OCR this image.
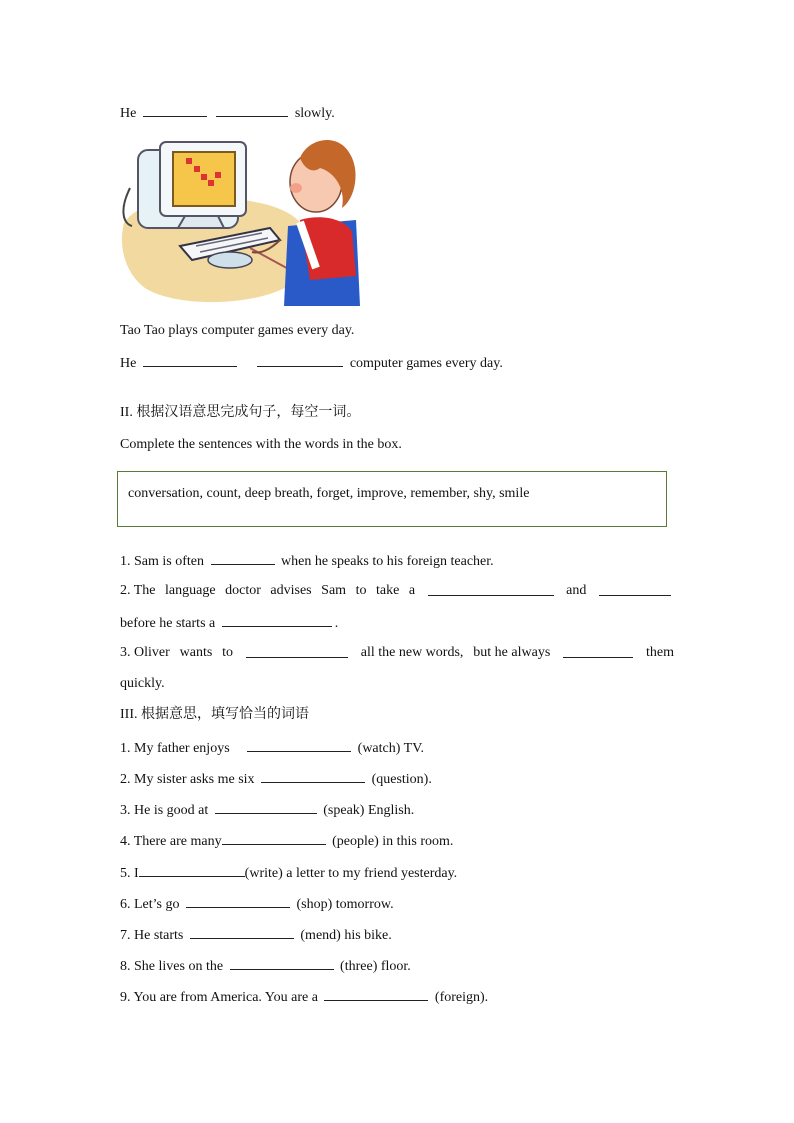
He	slowly.
Tao Tao plays computer games every day.
He	computer games every day.
II. 根据汉语意思完成句子，每空一词。
Complete the sentences with the words in the box.
conversation, count, deep breath, forget, improve, remember, shy, smile
1. Sam is often	when he speaks to his foreign teacher.
2. The language doctor advises Sam to take a	and
before he starts a	.
3. Oliver wants to	all the new words, but he always	them
quickly.
III. 根据意思，填写恰当的词语
1. My father enjoys	(watch) TV.
2. My sister asks me six	(question).
3. He is good at	(speak) English.
4. There are many	(people) in this room.
5. I	(write) a letter to my friend yesterday.
6. Let’s go	(shop) tomorrow.
7. He starts	(mend) his bike.
8. She lives on the	(three) floor.
9. You are from America. You are a	(foreign).
